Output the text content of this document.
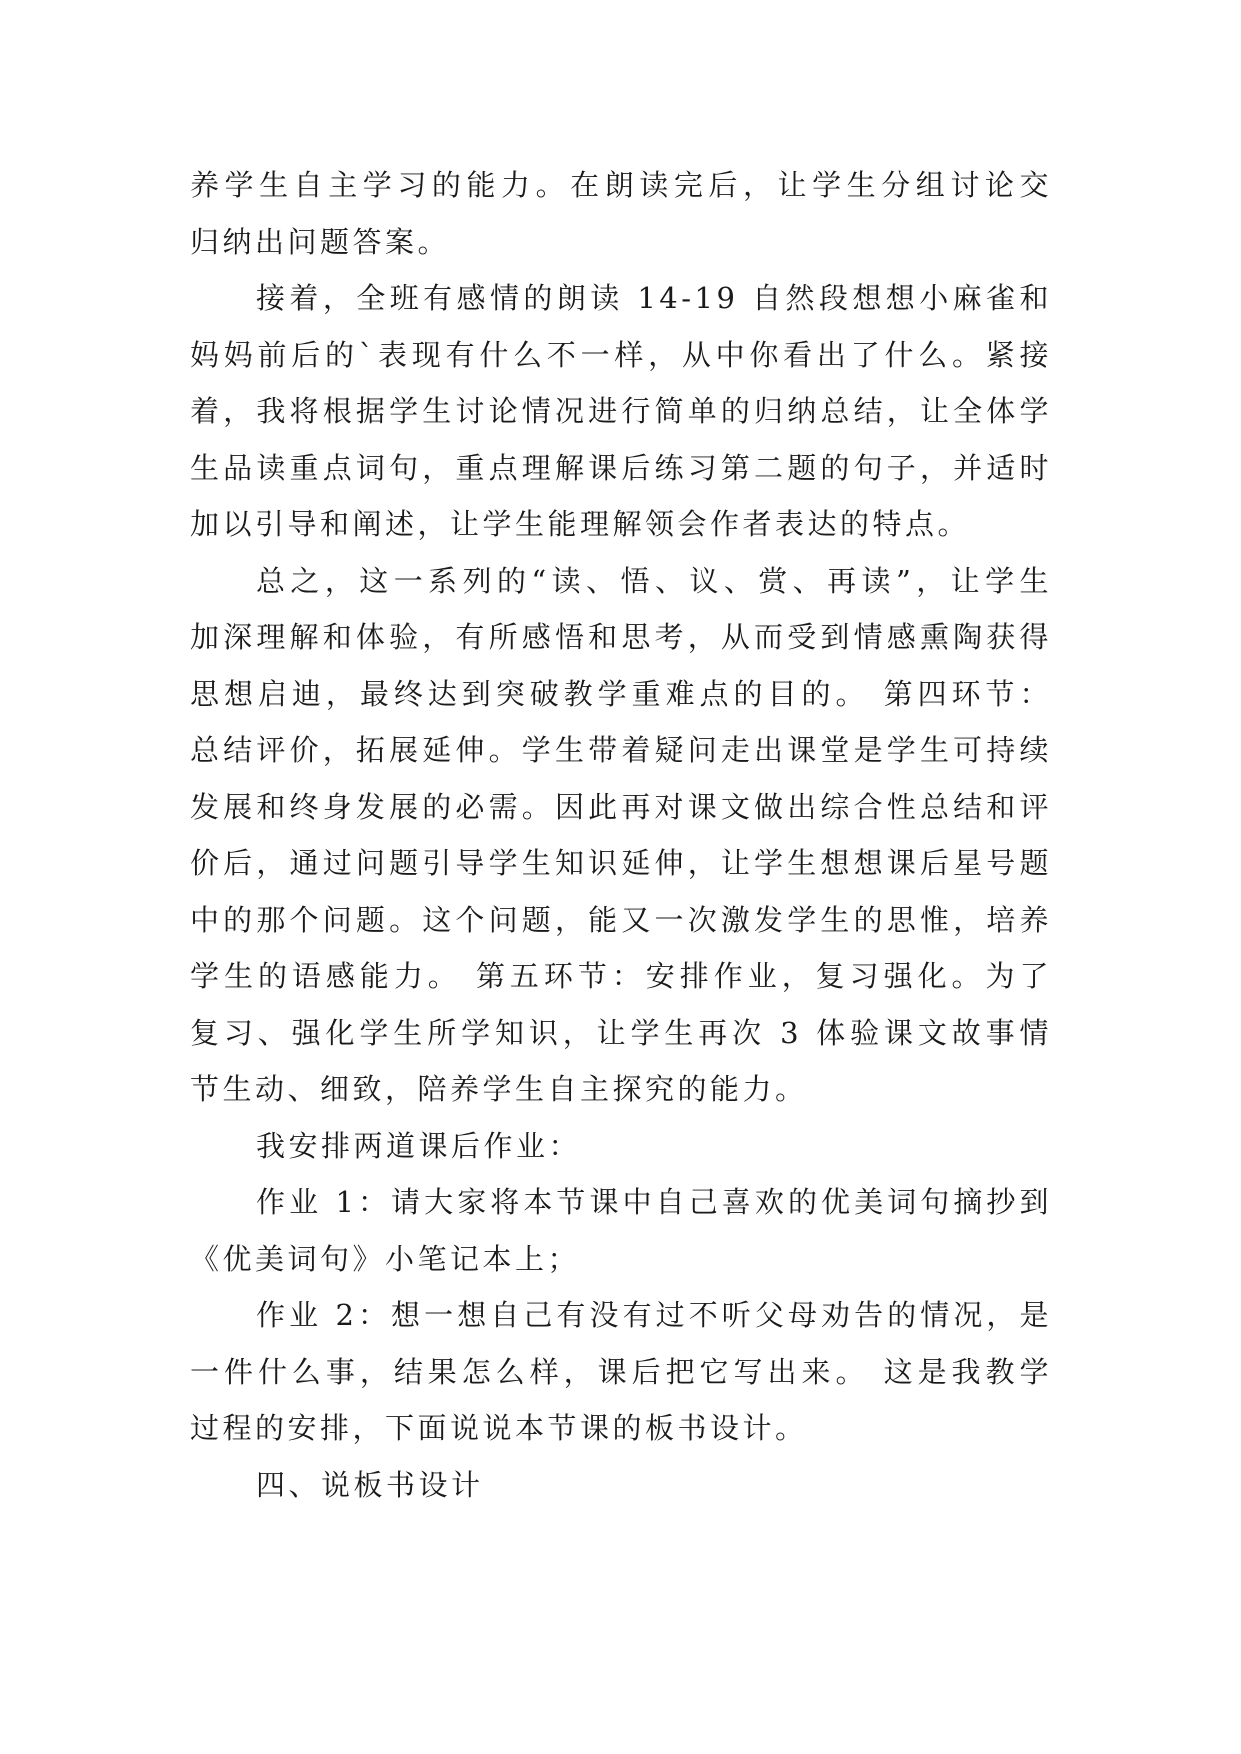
养学生自主学习的能力。在朗读完后，让学生分组讨论交
归纳出问题答案。
接着，全班有感情的朗读 14-19 自然段想想小麻雀和
妈妈前后的`表现有什么不一样，从中你看出了什么。紧接
着，我将根据学生讨论情况进行简单的归纳总结，让全体学
生品读重点词句，重点理解课后练习第二题的句子，并适时
加以引导和阐述，让学生能理解领会作者表达的特点。
总之，这一系列的“读、悟、议、赏、再读”，让学生
加深理解和体验，有所感悟和思考，从而受到情感熏陶获得
思想启迪，最终达到突破教学重难点的目的。 第四环节：
总结评价，拓展延伸。学生带着疑问走出课堂是学生可持续
发展和终身发展的必需。因此再对课文做出综合性总结和评
价后，通过问题引导学生知识延伸，让学生想想课后星号题
中的那个问题。这个问题，能又一次激发学生的思惟，培养
学生的语感能力。 第五环节：安排作业，复习强化。为了
复习、强化学生所学知识，让学生再次 3 体验课文故事情
节生动、细致，陪养学生自主探究的能力。
我安排两道课后作业：
作业 1：请大家将本节课中自己喜欢的优美词句摘抄到
《优美词句》小笔记本上；
作业 2：想一想自己有没有过不听父母劝告的情况，是
一件什么事，结果怎么样，课后把它写出来。 这是我教学
过程的安排，下面说说本节课的板书设计。
四、说板书设计
